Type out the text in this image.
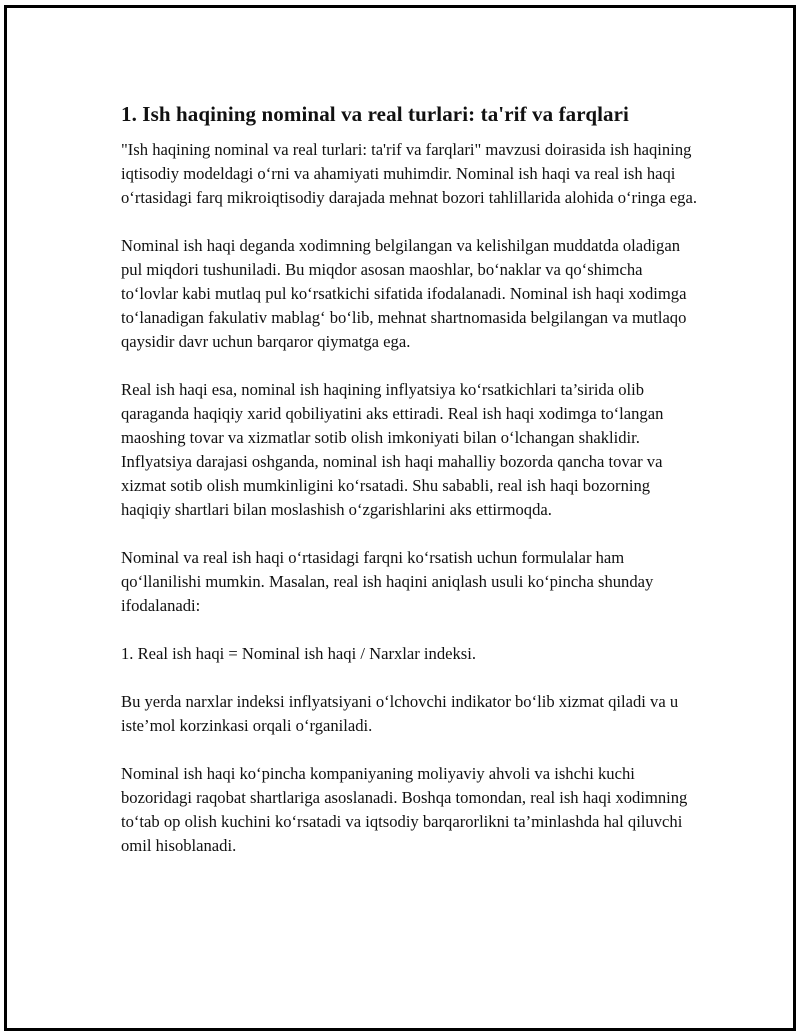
1. Ish haqining nominal va real turlari: ta'rif va farqlari

"Ish haqining nominal va real turlari: ta'rif va farqlari" mavzusi doirasida ish haqining iqtisodiy modeldagi o‘rni va ahamiyati muhimdir. Nominal ish haqi va real ish haqi o‘rtasidagi farq mikroiqtisodiy darajada mehnat bozori tahlillarida alohida o‘ringa ega.

Nominal ish haqi deganda xodimning belgilangan va kelishilgan muddatda oladigan pul miqdori tushuniladi. Bu miqdor asosan maoshlar, bo‘naklar va qo‘shimcha to‘lovlar kabi mutlaq pul ko‘rsatkichi sifatida ifodalanadi. Nominal ish haqi xodimga to‘lanadigan fakulativ mablag‘ bo‘lib, mehnat shartnomasida belgilangan va mutlaqo qaysidir davr uchun barqaror qiymatga ega.

Real ish haqi esa, nominal ish haqining inflyatsiya ko‘rsatkichlari ta’sirida olib qaraganda haqiqiy xarid qobiliyatini aks ettiradi. Real ish haqi xodimga to‘langan maoshing tovar va xizmatlar sotib olish imkoniyati bilan o‘lchangan shaklidir. Inflyatsiya darajasi oshganda, nominal ish haqi mahalliy bozorda qancha tovar va xizmat sotib olish mumkinligini ko‘rsatadi. Shu sababli, real ish haqi bozorning haqiqiy shartlari bilan moslashish o‘zgarishlarini aks ettirmoqda.

Nominal va real ish haqi o‘rtasidagi farqni ko‘rsatish uchun formulalar ham qo‘llanilishi mumkin. Masalan, real ish haqini aniqlash usuli ko‘pincha shunday ifodalanadi:

1. Real ish haqi = Nominal ish haqi / Narxlar indeksi.

Bu yerda narxlar indeksi inflyatsiyani o‘lchovchi indikator bo‘lib xizmat qiladi va u iste’mol korzinkasi orqali o‘rganiladi.

Nominal ish haqi ko‘pincha kompaniyaning moliyaviy ahvoli va ishchi kuchi bozoridagi raqobat shartlariga asoslanadi. Boshqa tomondan, real ish haqi xodimning to‘tab op olish kuchini ko‘rsatadi va iqtsodiy barqarorlikni ta’minlashda hal qiluvchi omil hisoblanadi.
